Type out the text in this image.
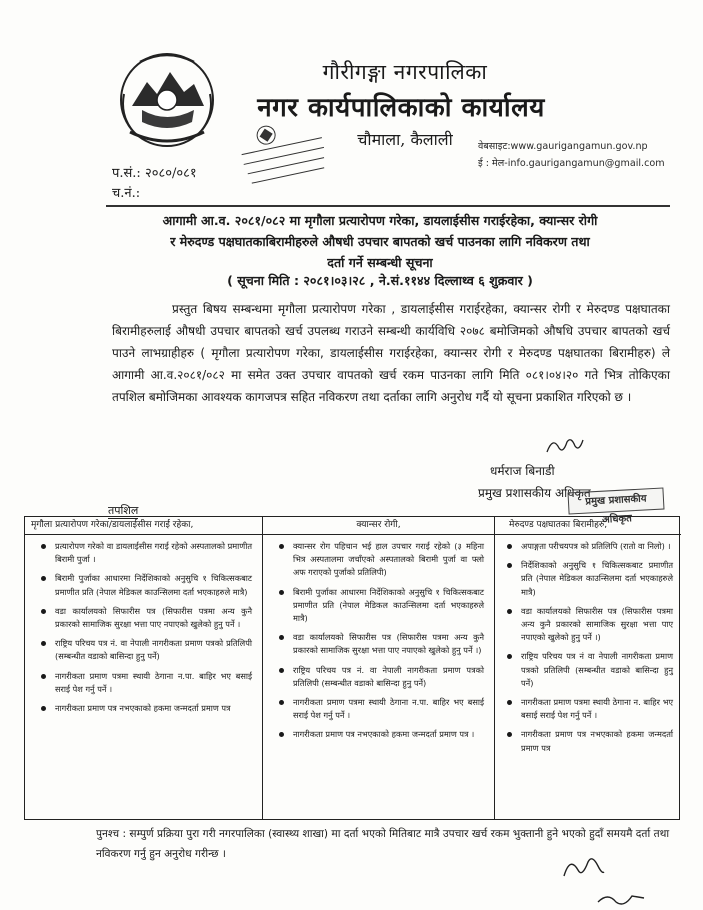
गौरीगङ्गा नगरपालिका
नगर कार्यपालिकाको कार्यालय
चौमाला, कैलाली	वेबसाइट:www.gaurigangamun.gov.np
ई : मेल-info.gaurigangamun@gmail.com
प.सं.: २०८०/०८१
च.नं.:
आगामी आ.व. २०८१/०८२ मा मृगौला प्रत्यारोपण गरेका, डायलाईसीस गराईरहेका, क्यान्सर रोगी
र मेरुदण्ड पक्षघातकाबिरामीहरुले औषधी उपचार बापतको खर्च पाउनका लागि नविकरण तथा
दर्ता गर्ने सम्बन्धी सूचना
( सूचना मिति : २०८१।०३।२८ , ने.सं.११४४ दिल्लाथ्व ६ शुक्रवार )

प्रस्तुत बिषय सम्बन्धमा मृगौला प्रत्यारोपण गरेका , डायलाईसीस गराईरहेका, क्यान्सर रोगी र मेरुदण्ड पक्षघातका बिरामीहरुलाई औषधी उपचार बापतको खर्च उपलब्ध गराउने सम्बन्धी कार्यविधि २०७८ बमोजिमको औषधि उपचार बापतको खर्च पाउने लाभग्राहीहरु ( मृगौला प्रत्यारोपण गरेका, डायलाईसीस गराईरहेका, क्यान्सर रोगी र मेरुदण्ड पक्षघातका बिरामीहरु) ले आगामी आ.व.२०८१/०८२ मा समेत उक्त उपचार वापतको खर्च रकम पाउनका लागि मिति ०८१।०४।२० गते भित्र तोकिएका तपशिल बमोजिमका आवश्यक कागजपत्र सहित नविकरण तथा दर्ताका लागि अनुरोध गर्दै यो सूचना प्रकाशित गरिएको छ ।

धर्मराज बिनाडी
प्रमुख प्रशासकीय अधिकृत
प्रमुख प्रशासकीय अधिकृत
तपशिल
मृगौला प्रत्यारोपण गरेका/डायलाईसीस गराई रहेका,
प्रत्यारोपण गरेको वा डायलाईसीस गराई रहेको अस्पतालको प्रमाणीत बिरामी पुर्जा ।
बिरामी पुर्जाका आधारमा निर्देशिकाको अनुसुचि १ चिकित्सकबाट प्रमाणीत प्रति (नेपाल मेडिकल काउन्सिलमा दर्ता भएकाहरुले मात्रै)
वडा कार्यालयको सिफारीस पत्र (सिफारीस पत्रमा अन्य कुनै प्रकारको सामाजिक सुरक्षा भत्ता पाए नपाएको खुलेको हुनु पर्ने ।
राष्ट्रिय परिचय पत्र नं. वा नेपाली नागरीकता प्रमाण पत्रको प्रतिलिपी (सम्बन्धीत वडाको बासिन्दा हुनु पर्ने)
नागरीकता प्रमाण पत्रमा स्थायी ठेगाना न.पा. बाहिर भए बसाई सराई पेश गर्नु पर्ने ।
नागरीकता प्रमाण पत्र नभएकाको हकमा जन्मदर्ता प्रमाण पत्र
क्यान्सर रोगी,
क्यान्सर रोग पहिचान भई हाल उपचार गराई रहेको (३ महिना भित्र अस्पतालमा जचाँएको अस्पतालको बिरामी पुर्जा वा फ्लो अफ गराएको पुर्जाको प्रतिलिपी)
बिरामी पुर्जाका आधारमा निर्देशिकाको अनुसुचि १ चिकित्सकबाट प्रमाणीत प्रति (नेपाल मेडिकल काउन्सिलमा दर्ता भएकाहरुले मात्रै)
वडा कार्यालयको सिफारीस पत्र (सिफारीस पत्रमा अन्य कुनै प्रकारको सामाजिक सुरक्षा भत्ता पाए नपाएको खुलेको हुनु पर्ने ।)
राष्ट्रिय परिचय पत्र नं. वा नेपाली नागरीकता प्रमाण पत्रको प्रतिलिपी (सम्बन्धीत वडाको बासिन्दा हुनु पर्ने)
नागरीकता प्रमाण पत्रमा स्थायी ठेगाना न.पा. बाहिर भए बसाई सराई पेश गर्नु पर्ने ।
नागरीकता प्रमाण पत्र नभएकाको हकमा जन्मदर्ता प्रमाण पत्र ।
मेरुदण्ड पक्षघातका बिरामीहरु,
अपाङ्गता परीचयपत्र को प्रतिलिपि (रातो वा निलो) ।
निर्देशिकाको अनुसुचि १ चिकित्सकबाट प्रमाणीत प्रति (नेपाल मेडिकल काउन्सिलमा दर्ता भएकाहरुले मात्रै)
वडा कार्यालयको सिफारीस पत्र (सिफारीस पत्रमा अन्य कुनै प्रकारको सामाजिक सुरक्षा भत्ता पाए नपाएको खुलेको हुनु पर्ने ।)
राष्ट्रिय परिचय पत्र नं वा नेपाली नागरीकता प्रमाण पत्रको प्रतिलिपी (सम्बन्धीत वडाको बासिन्दा हुनु पर्ने)
नागरीकता प्रमाण पत्रमा स्थायी ठेगाना न. बाहिर भए बसाई सराई पेश गर्नु पर्ने ।
नागरीकता प्रमाण पत्र नभएकाको हकमा जन्मदर्ता प्रमाण पत्र

पुनश्च : सम्पुर्ण प्रक्रिया पुरा गरी नगरपालिका (स्वास्थ्य शाखा) मा दर्ता भएको मितिबाट मात्रै उपचार खर्च रकम भुक्तानी हुने भएको हुदाँ समयमै दर्ता तथा नविकरण गर्नु हुन अनुरोध गरीन्छ ।
